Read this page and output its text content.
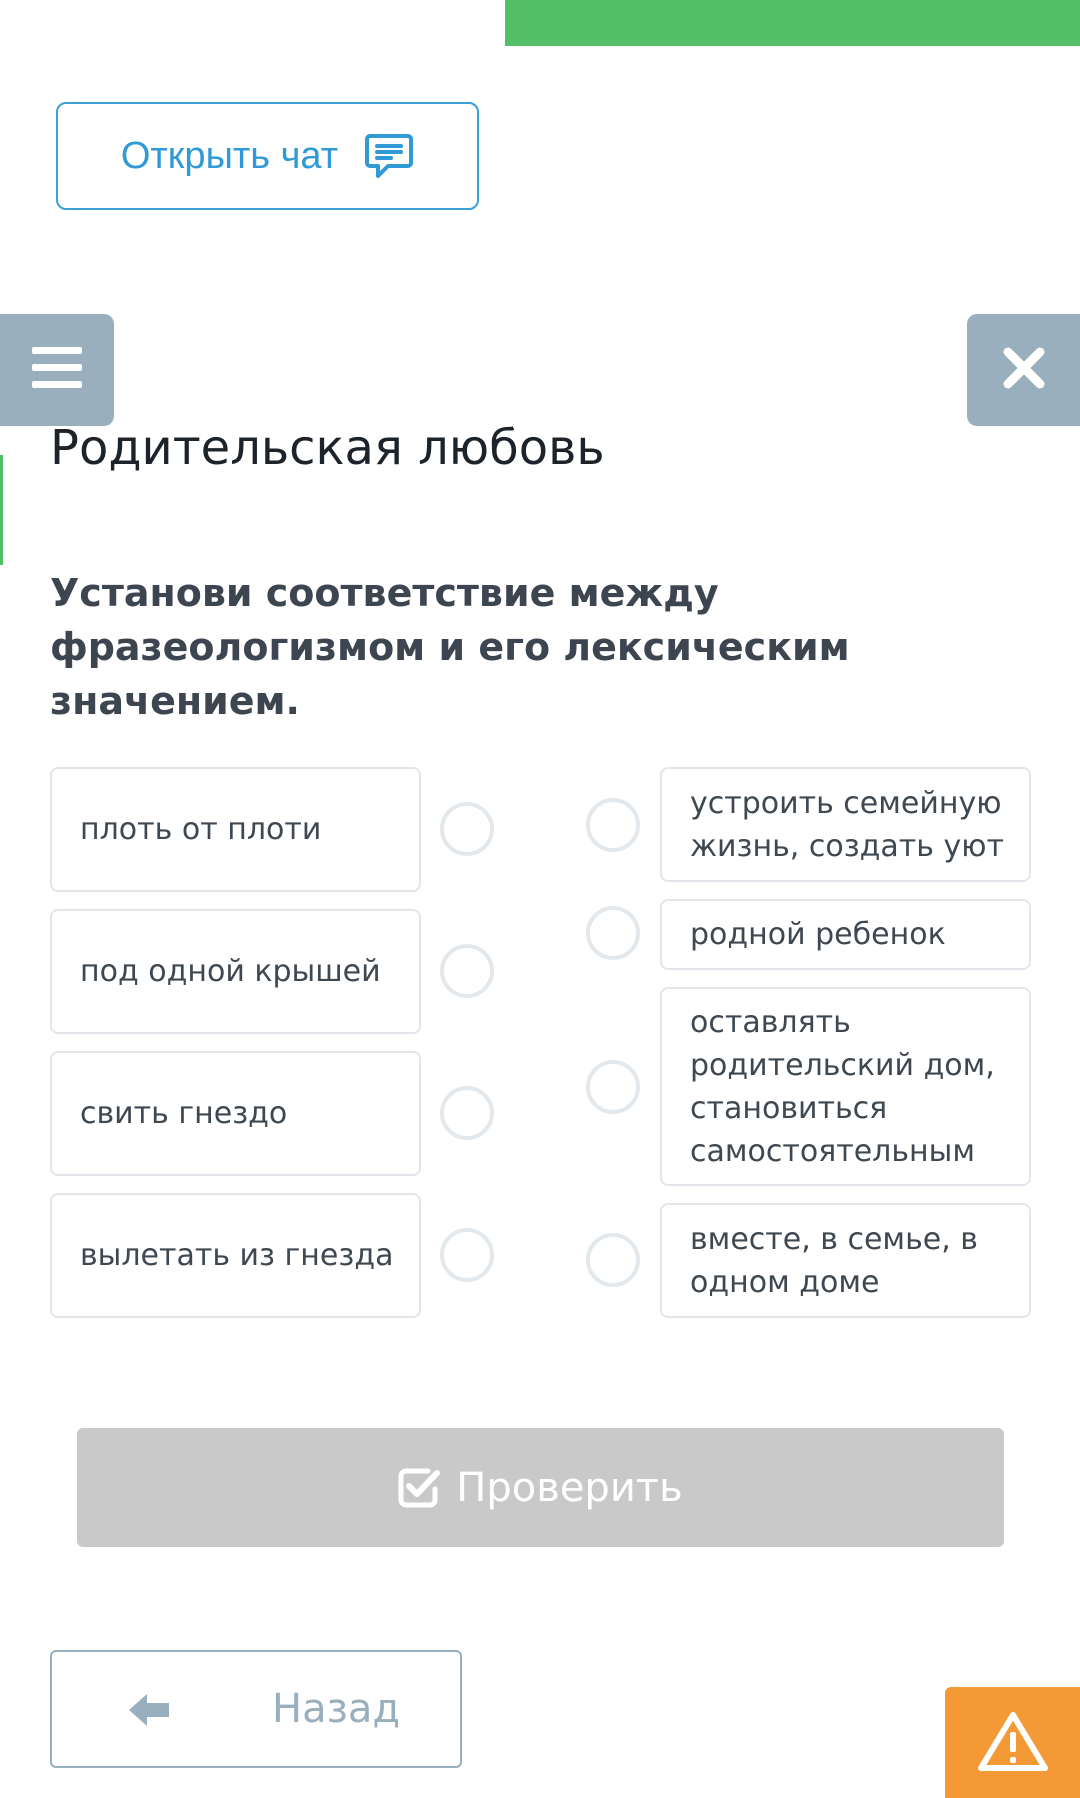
Открыть чат
Родительская любовь

Установи соответствие между фразеологизмом и его лексическим значением.

плоть от плоти
под одной крышей
свить гнездо
вылетать из гнезда
устроить семейную жизнь, создать уют
родной ребенок
оставлять родительский дом, становиться самостоятельным
вместе, в семье, в одном доме
Проверить
Назад
